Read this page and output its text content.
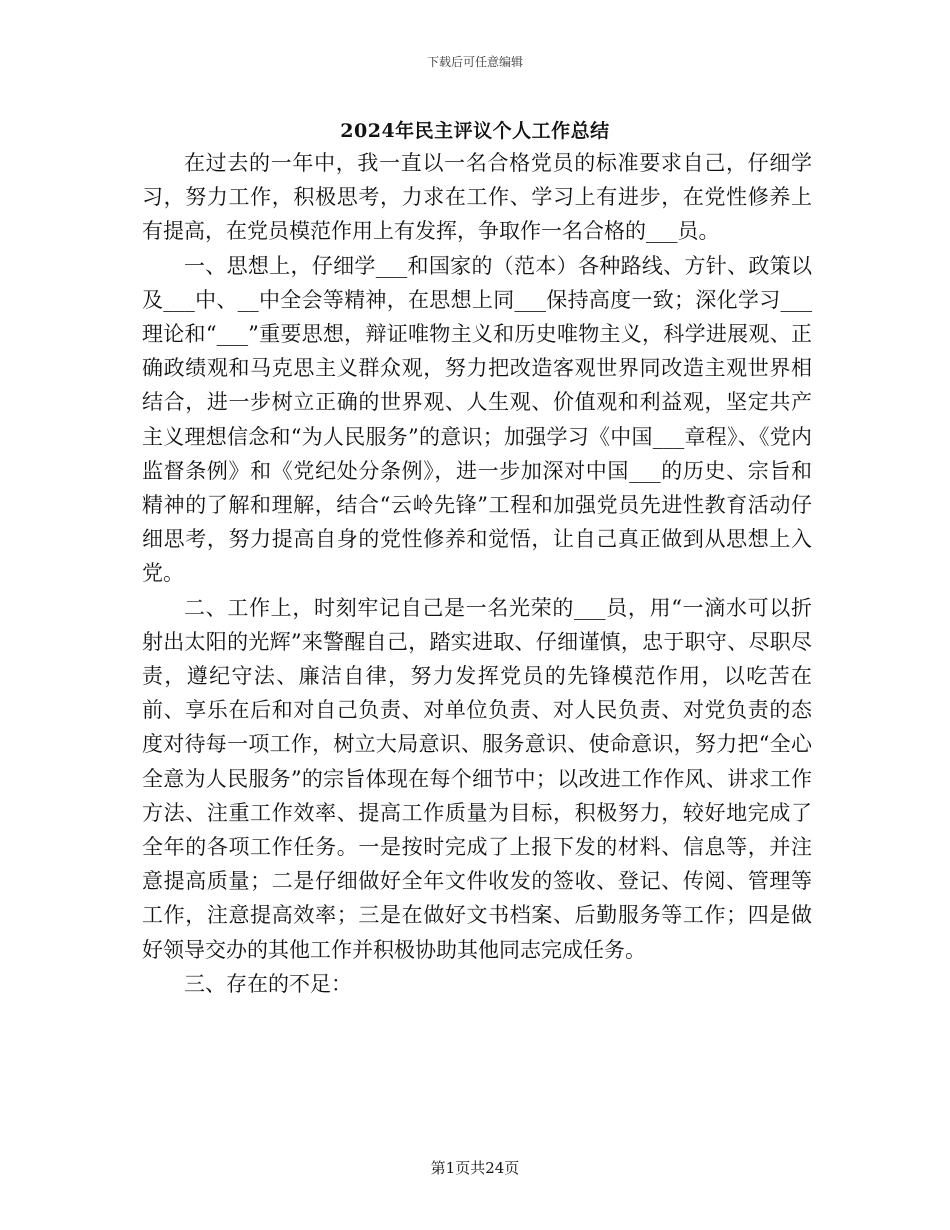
下载后可任意编辑
2024年民主评议个人工作总结

在过去的一年中，我一直以一名合格党员的标准要求自己，仔细学习，努力工作，积极思考，力求在工作、学习上有进步，在党性修养上有提高，在党员模范作用上有发挥，争取作一名合格的___员。

一、思想上，仔细学___和国家的（范本）各种路线、方针、政策以及___中、__中全会等精神，在思想上同___保持高度一致；深化学习___理论和“___”重要思想，辩证唯物主义和历史唯物主义，科学进展观、正确政绩观和马克思主义群众观，努力把改造客观世界同改造主观世界相结合，进一步树立正确的世界观、人生观、价值观和利益观，坚定共产主义理想信念和“为人民服务”的意识；加强学习《中国___章程》、《党内监督条例》和《党纪处分条例》，进一步加深对中国___的历史、宗旨和精神的了解和理解，结合“云岭先锋”工程和加强党员先进性教育活动仔细思考，努力提高自身的党性修养和觉悟，让自己真正做到从思想上入党。

二、工作上，时刻牢记自己是一名光荣的___员，用“一滴水可以折射出太阳的光辉”来警醒自己，踏实进取、仔细谨慎，忠于职守、尽职尽责，遵纪守法、廉洁自律，努力发挥党员的先锋模范作用，以吃苦在前、享乐在后和对自己负责、对单位负责、对人民负责、对党负责的态度对待每一项工作，树立大局意识、服务意识、使命意识，努力把“全心全意为人民服务”的宗旨体现在每个细节中；以改进工作作风、讲求工作方法、注重工作效率、提高工作质量为目标，积极努力，较好地完成了全年的各项工作任务。一是按时完成了上报下发的材料、信息等，并注意提高质量；二是仔细做好全年文件收发的签收、登记、传阅、管理等工作，注意提高效率；三是在做好文书档案、后勤服务等工作；四是做好领导交办的其他工作并积极协助其他同志完成任务。

三、存在的不足：

第1页共24页
